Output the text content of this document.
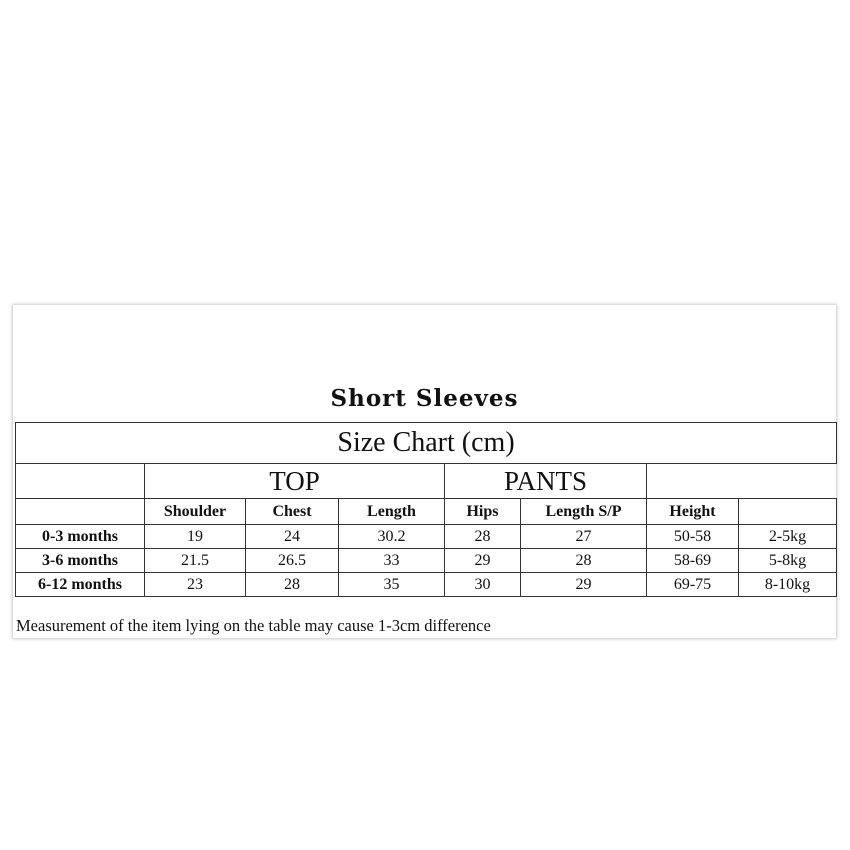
Short Sleeves
Size Chart (cm)							
	TOP			PANTS			
	Shoulder	Chest	Length	Hips	Length S/P	Height	
0-3 months	19	24	30.2	28	27	50-58	2-5kg
3-6 months	21.5	26.5	33	29	28	58-69	5-8kg
6-12 months	23	28	35	30	29	69-75	8-10kg
Measurement of the item lying on the table may cause 1-3cm difference
